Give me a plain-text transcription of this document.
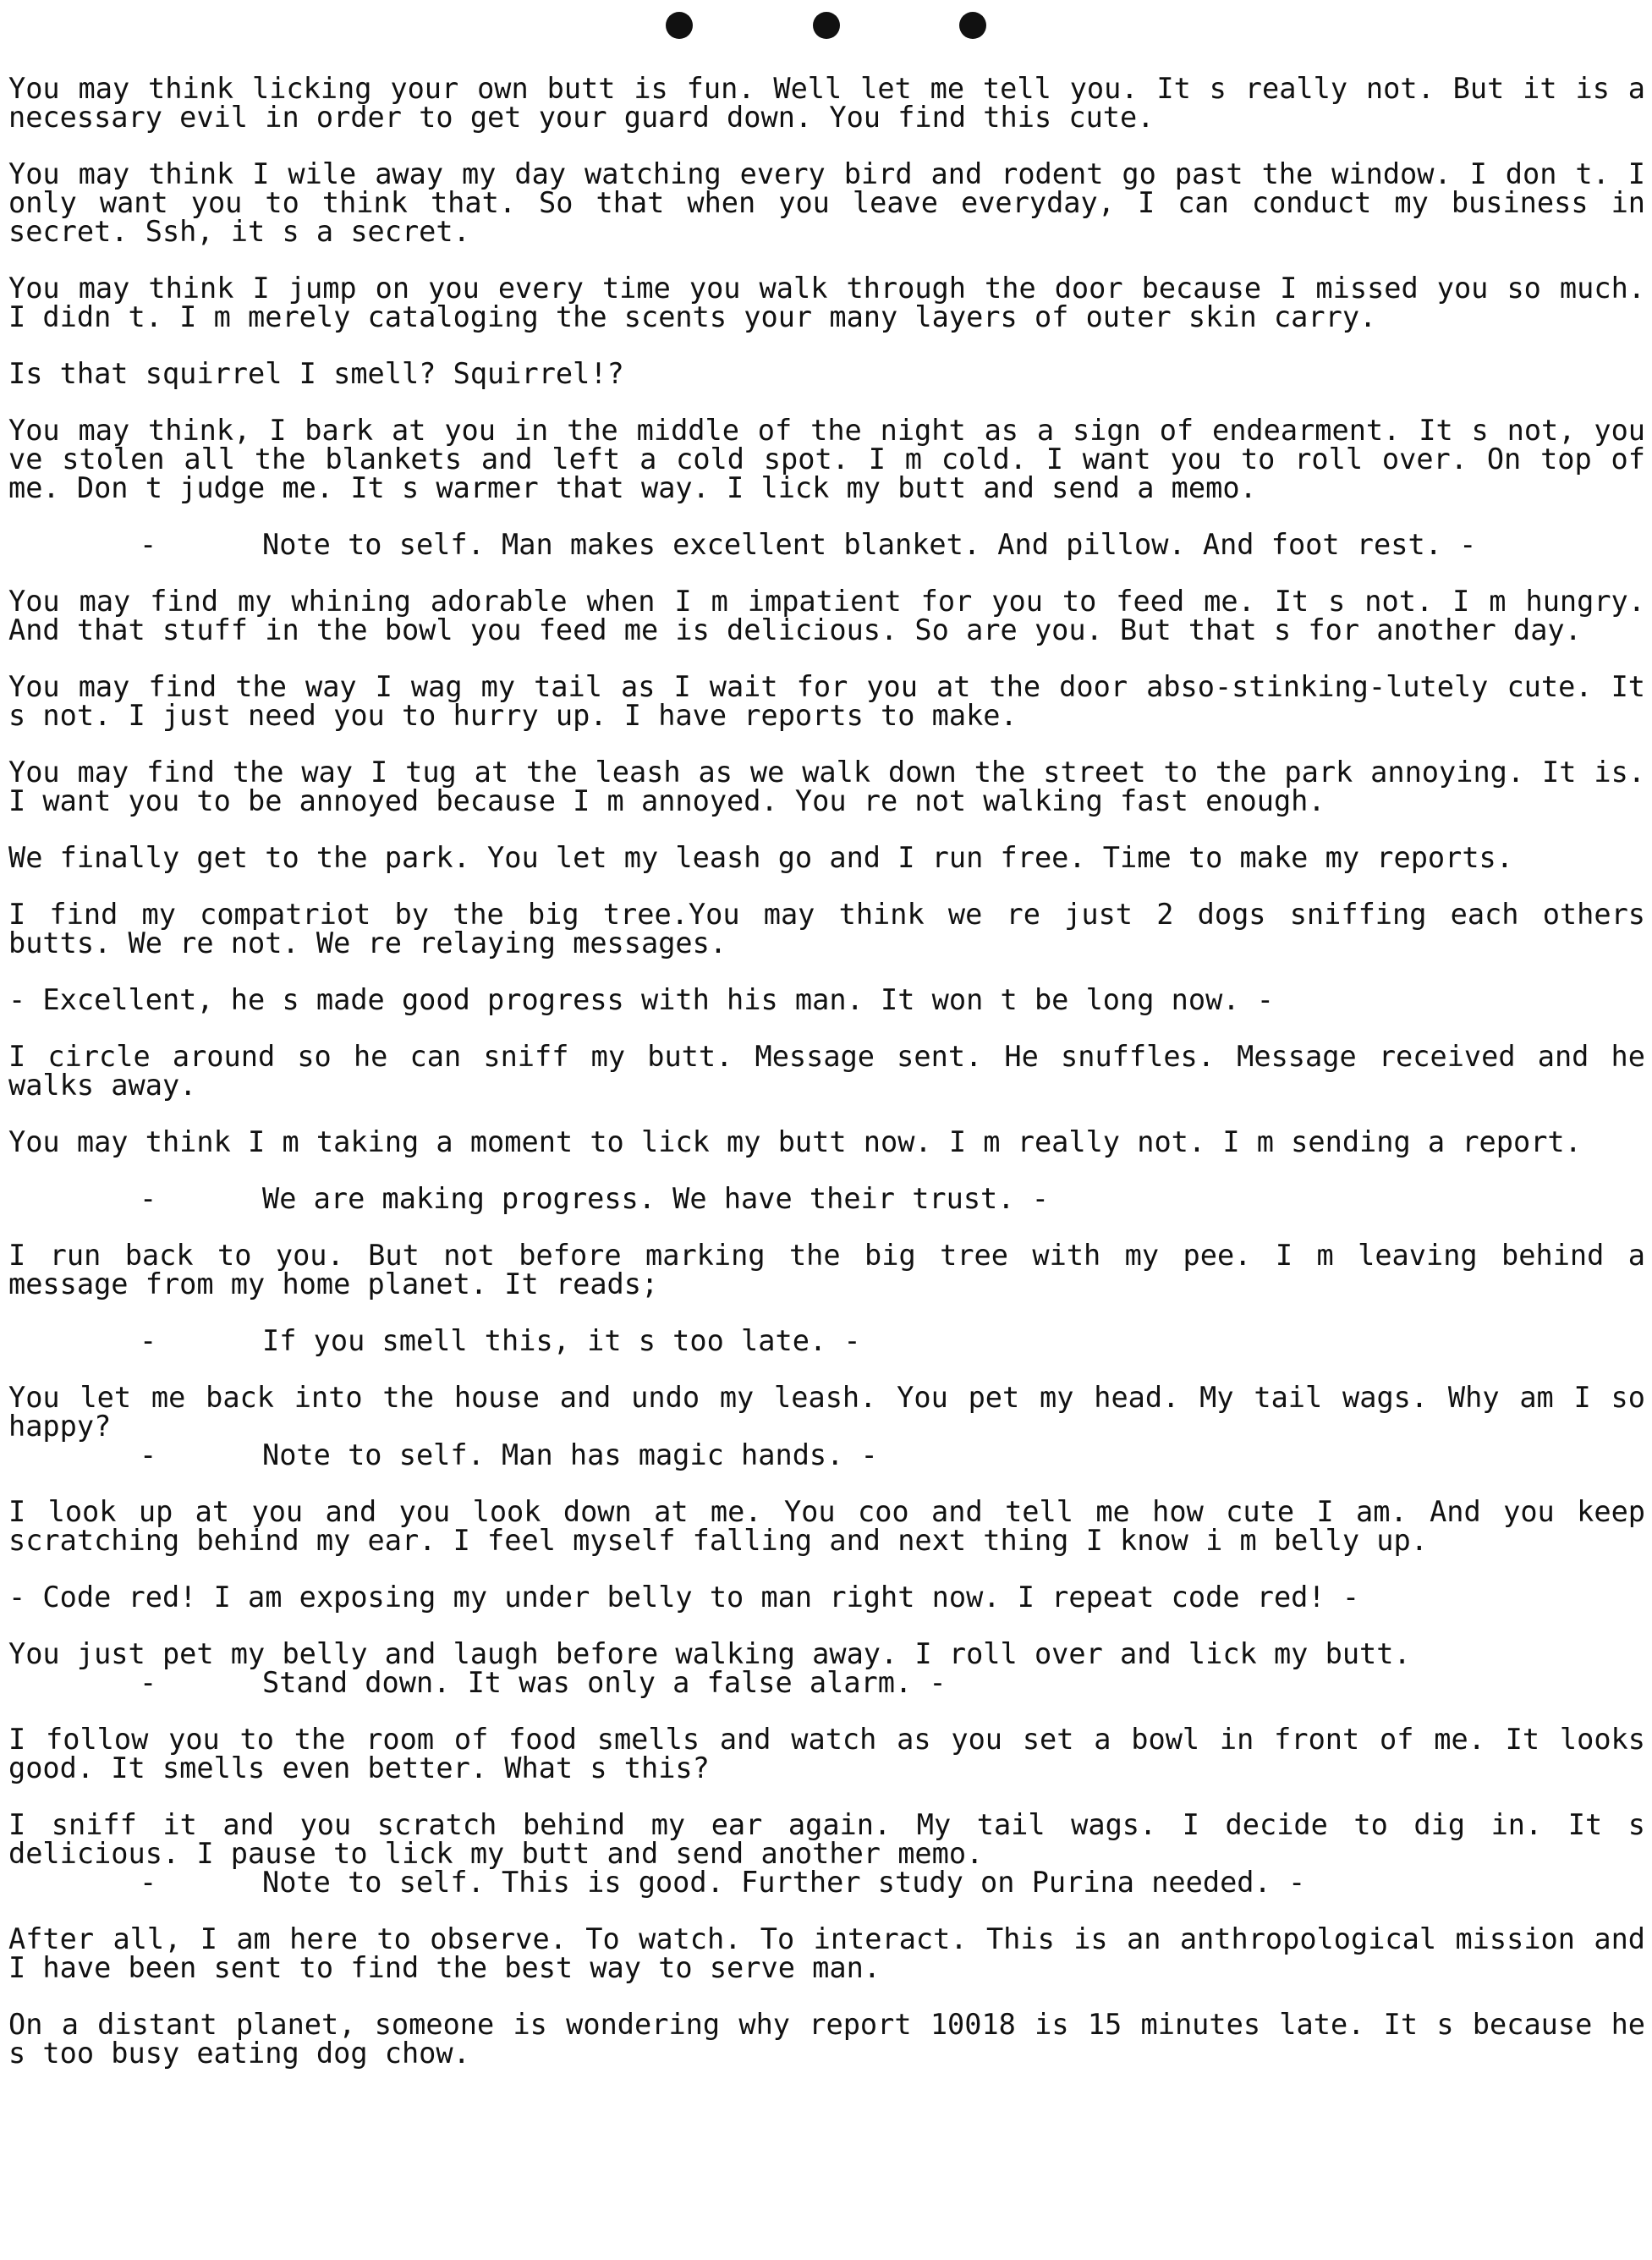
You may think licking your own butt is fun. Well let me tell you. It s really not. But it is a necessary evil in order to get your guard down. You find this cute.

You may think I wile away my day watching every bird and rodent go past the window. I don t. I only want you to think that. So that when you leave everyday, I can conduct my business in secret. Ssh, it s a secret.

You may think I jump on you every time you walk through the door because I missed you so much. I didn t. I m merely cataloging the scents your many layers of outer skin carry.

Is that squirrel I smell? Squirrel!?

You may think, I bark at you in the middle of the night as a sign of endearment. It s not, you ve stolen all the blankets and left a cold spot. I m cold. I want you to roll over. On top of me. Don t judge me. It s warmer that way. I lick my butt and send a memo.

-	Note to self. Man makes excellent blanket. And pillow. And foot rest. -

You may find my whining adorable when I m impatient for you to feed me. It s not. I m hungry. And that stuff in the bowl you feed me is delicious. So are you. But that s for another day.

You may find the way I wag my tail as I wait for you at the door abso-stinking-lutely cute. It s not. I just need you to hurry up. I have reports to make.

You may find the way I tug at the leash as we walk down the street to the park annoying. It is. I want you to be annoyed because I m annoyed. You re not walking fast enough.

We finally get to the park. You let my leash go and I run free. Time to make my reports.

I find my compatriot by the big tree.You may think we re just 2 dogs sniffing each others butts. We re not. We re relaying messages.

- Excellent, he s made good progress with his man. It won t be long now. -

I circle around so he can sniff my butt. Message sent. He snuffles. Message received and he walks away.

You may think I m taking a moment to lick my butt now. I m really not. I m sending a report.

-	We are making progress. We have their trust. -

I run back to you. But not before marking the big tree with my pee. I m leaving behind a message from my home planet. It reads;

-	If you smell this, it s too late. -

You let me back into the house and undo my leash. You pet my head. My tail wags. Why am I so happy?

-	Note to self. Man has magic hands. -

I look up at you and you look down at me. You coo and tell me how cute I am. And you keep scratching behind my ear. I feel myself falling and next thing I know i m belly up.

- Code red! I am exposing my under belly to man right now. I repeat code red! -

You just pet my belly and laugh before walking away. I roll over and lick my butt.

-	Stand down. It was only a false alarm. -

I follow you to the room of food smells and watch as you set a bowl in front of me. It looks good. It smells even better. What s this?

I sniff it and you scratch behind my ear again. My tail wags. I decide to dig in. It s delicious. I pause to lick my butt and send another memo.

-	Note to self. This is good. Further study on Purina needed. -

After all, I am here to observe. To watch. To interact. This is an anthropological mission and I have been sent to find the best way to serve man.

On a distant planet, someone is wondering why report 10018 is 15 minutes late. It s because he s too busy eating dog chow.
